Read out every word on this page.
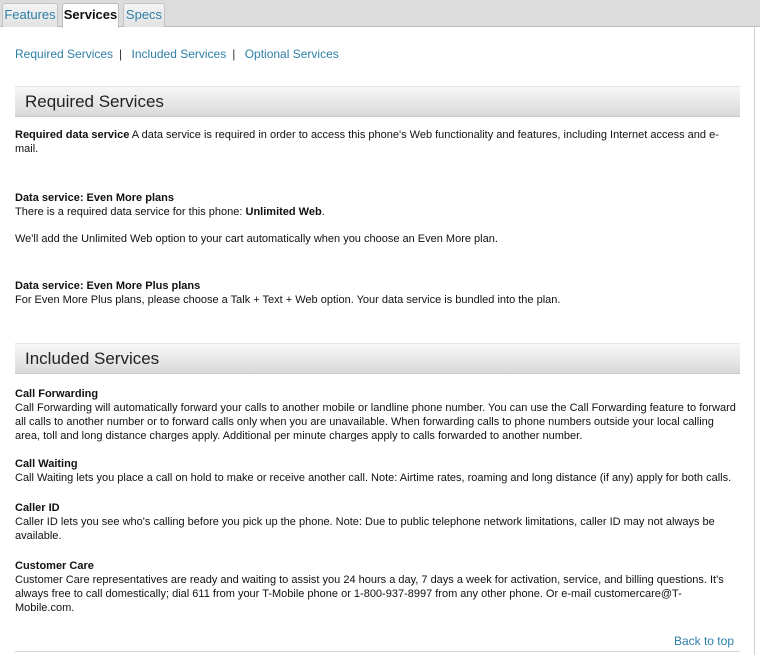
Features Services Specs
Required Services | Included Services | Optional Services
Required Services

Required data service A data service is required in order to access this phone's Web functionality and features, including Internet access and e-mail.

Data service: Even More plans

There is a required data service for this phone: Unlimited Web.

We'll add the Unlimited Web option to your cart automatically when you choose an Even More plan.

Data service: Even More Plus plans

For Even More Plus plans, please choose a Talk + Text + Web option. Your data service is bundled into the plan.

Included Services

Call Forwarding

Call Forwarding will automatically forward your calls to another mobile or landline phone number. You can use the Call Forwarding feature to forward all calls to another number or to forward calls only when you are unavailable. When forwarding calls to phone numbers outside your local calling area, toll and long distance charges apply. Additional per minute charges apply to calls forwarded to another number.

Call Waiting

Call Waiting lets you place a call on hold to make or receive another call. Note: Airtime rates, roaming and long distance (if any) apply for both calls.

Caller ID

Caller ID lets you see who's calling before you pick up the phone. Note: Due to public telephone network limitations, caller ID may not always be available.

Customer Care

Customer Care representatives are ready and waiting to assist you 24 hours a day, 7 days a week for activation, service, and billing questions. It's always free to call domestically; dial 611 from your T-Mobile phone or 1-800-937-8997 from any other phone. Or e-mail customercare@T-Mobile.com.

Back to top
